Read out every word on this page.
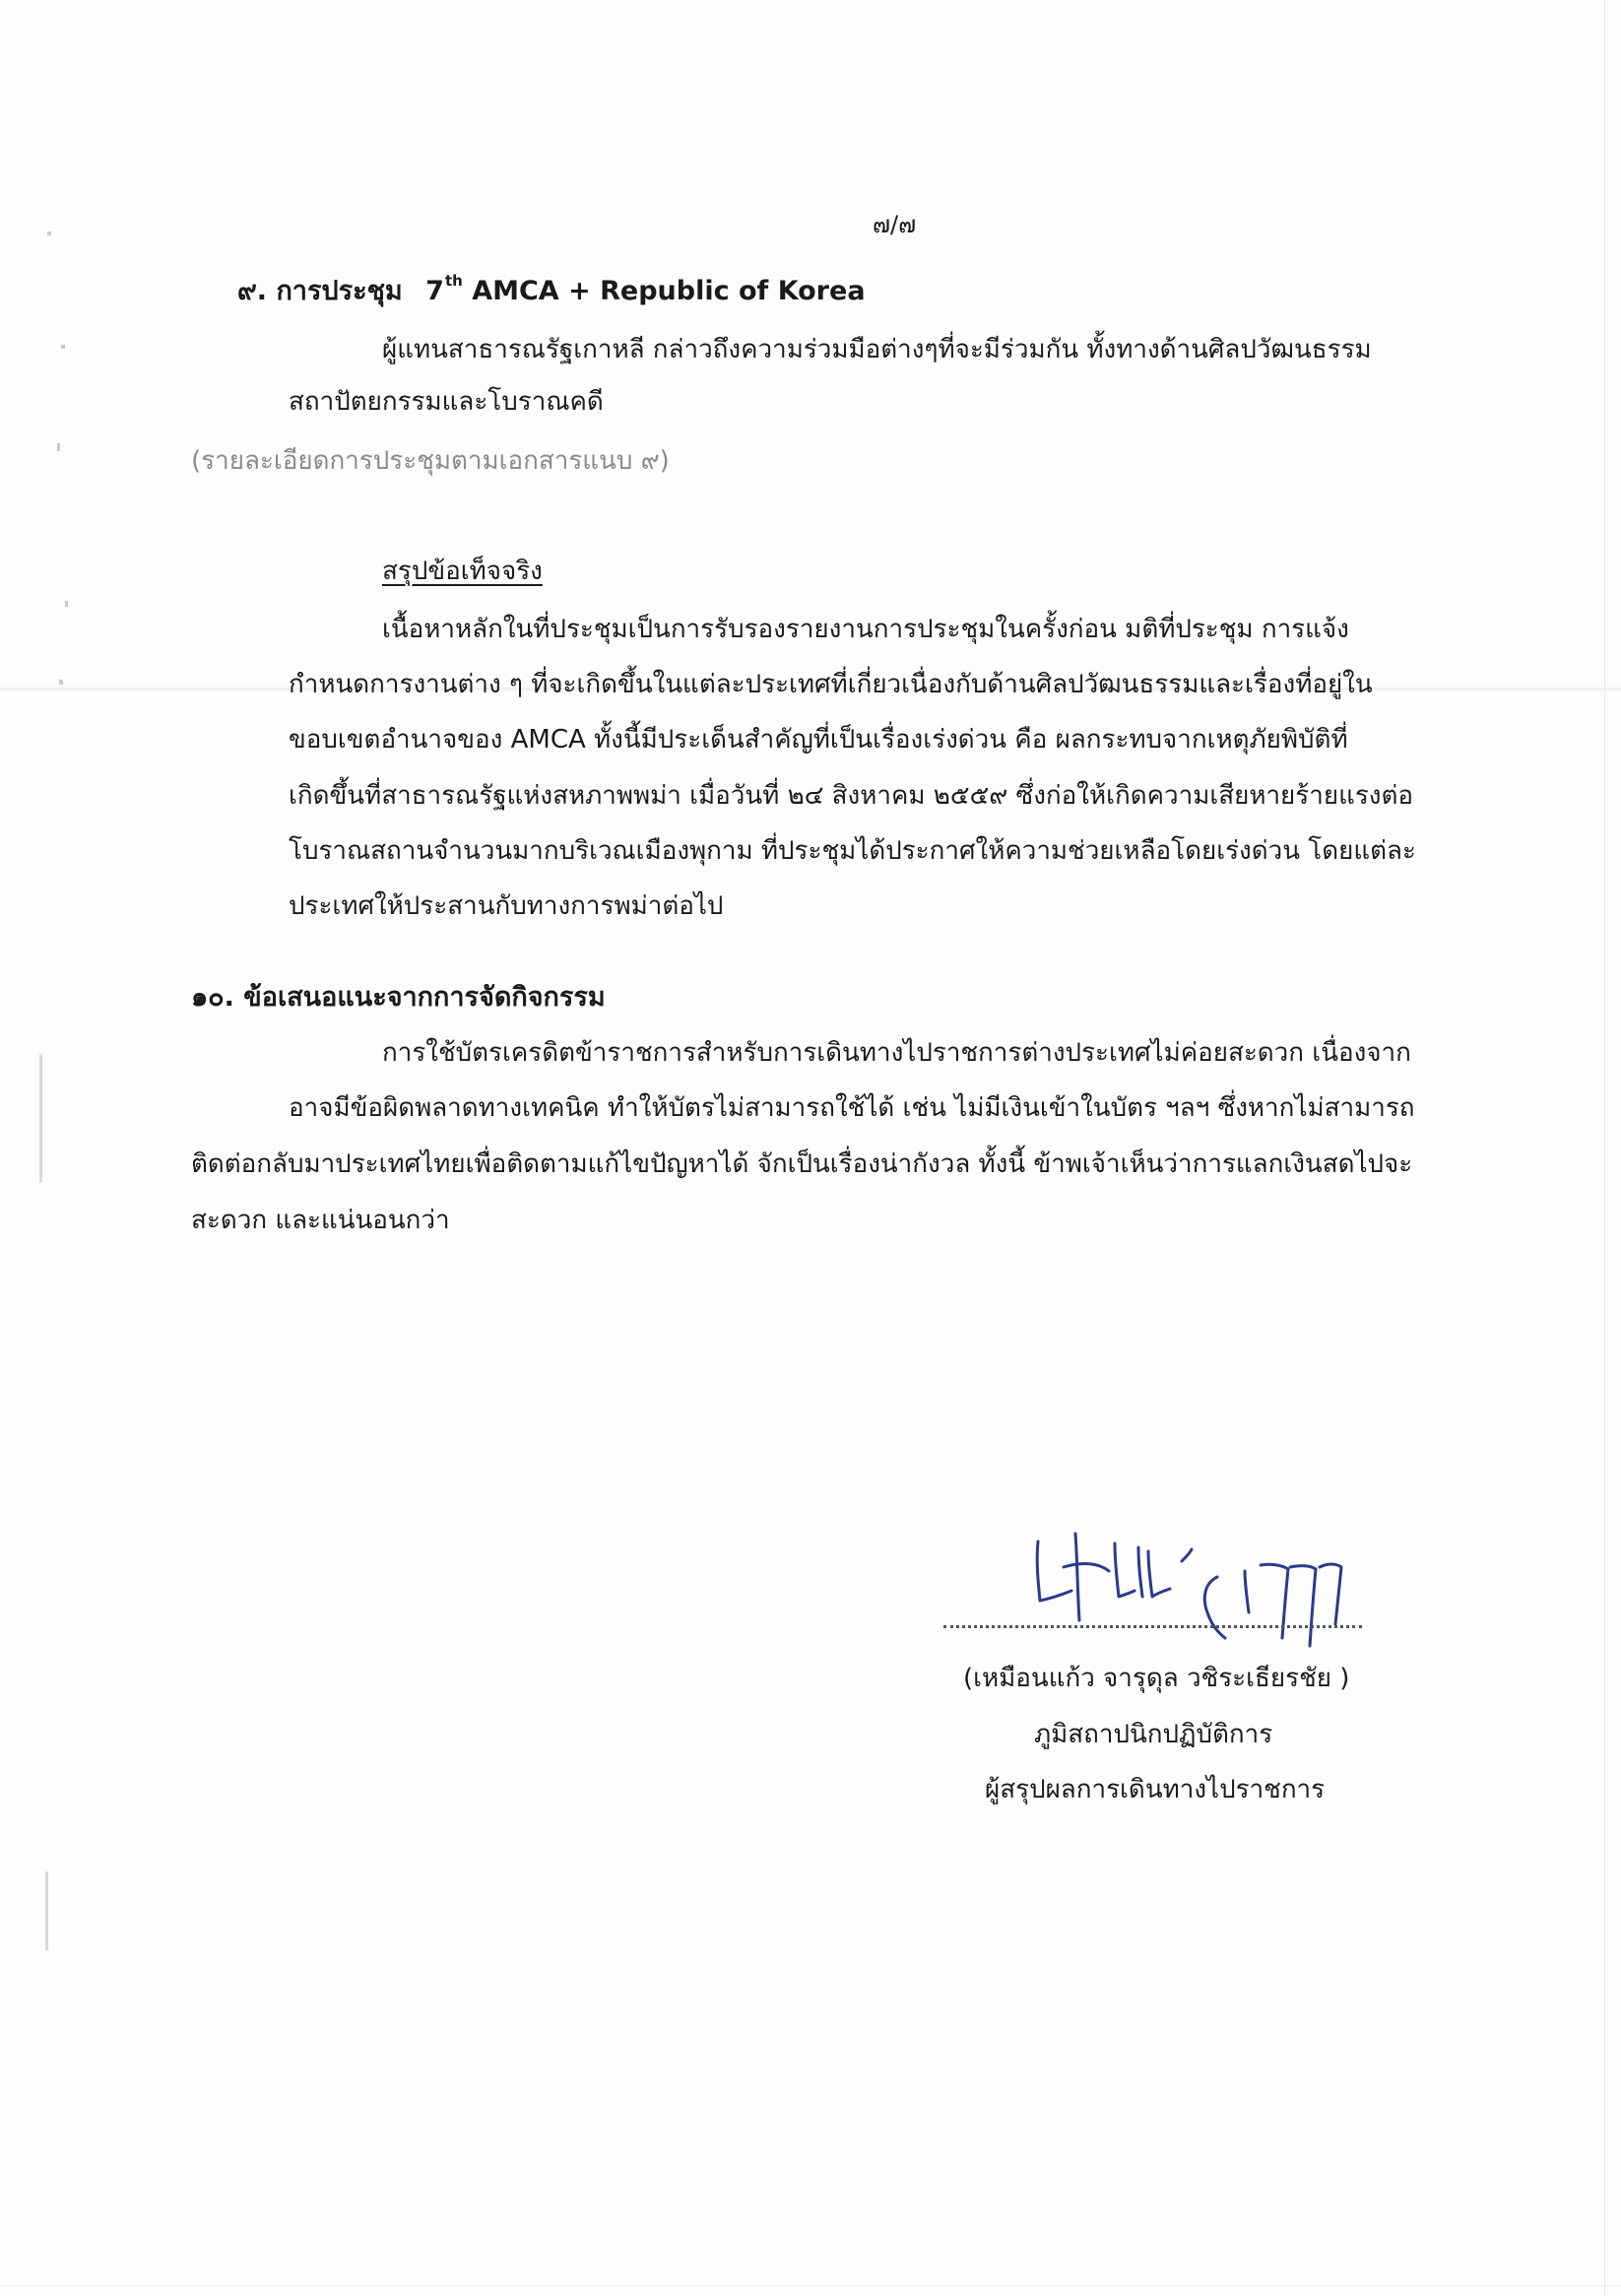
๗/๗
๙. การประชุม 7th AMCA + Republic of Korea

ผู้แทนสาธารณรัฐเกาหลี กล่าวถึงความร่วมมือต่างๆที่จะมีร่วมกัน ทั้งทางด้านศิลปวัฒนธรรม

สถาปัตยกรรมและโบราณคดี

(รายละเอียดการประชุมตามเอกสารแนบ ๙)

สรุปข้อเท็จจริง

เนื้อหาหลักในที่ประชุมเป็นการรับรองรายงานการประชุมในครั้งก่อน มติที่ประชุม การแจ้ง

กำหนดการงานต่าง ๆ ที่จะเกิดขึ้นในแต่ละประเทศที่เกี่ยวเนื่องกับด้านศิลปวัฒนธรรมและเรื่องที่อยู่ใน

ขอบเขตอำนาจของ AMCA ทั้งนี้มีประเด็นสำคัญที่เป็นเรื่องเร่งด่วน คือ ผลกระทบจากเหตุภัยพิบัติที่

เกิดขึ้นที่สาธารณรัฐแห่งสหภาพพม่า เมื่อวันที่ ๒๔ สิงหาคม ๒๕๕๙ ซึ่งก่อให้เกิดความเสียหายร้ายแรงต่อ

โบราณสถานจำนวนมากบริเวณเมืองพุกาม ที่ประชุมได้ประกาศให้ความช่วยเหลือโดยเร่งด่วน โดยแต่ละ

ประเทศให้ประสานกับทางการพม่าต่อไป

๑๐. ข้อเสนอแนะจากการจัดกิจกรรม

การใช้บัตรเครดิตข้าราชการสำหรับการเดินทางไปราชการต่างประเทศไม่ค่อยสะดวก เนื่องจาก

อาจมีข้อผิดพลาดทางเทคนิค ทำให้บัตรไม่สามารถใช้ได้ เช่น ไม่มีเงินเข้าในบัตร ฯลฯ ซึ่งหากไม่สามารถ

ติดต่อกลับมาประเทศไทยเพื่อติดตามแก้ไขปัญหาได้ จักเป็นเรื่องน่ากังวล ทั้งนี้ ข้าพเจ้าเห็นว่าการแลกเงินสดไปจะ

สะดวก และแน่นอนกว่า

(เหมือนแก้ว จารุดุล วชิระเธียรชัย )

ภูมิสถาปนิกปฏิบัติการ

ผู้สรุปผลการเดินทางไปราชการ
